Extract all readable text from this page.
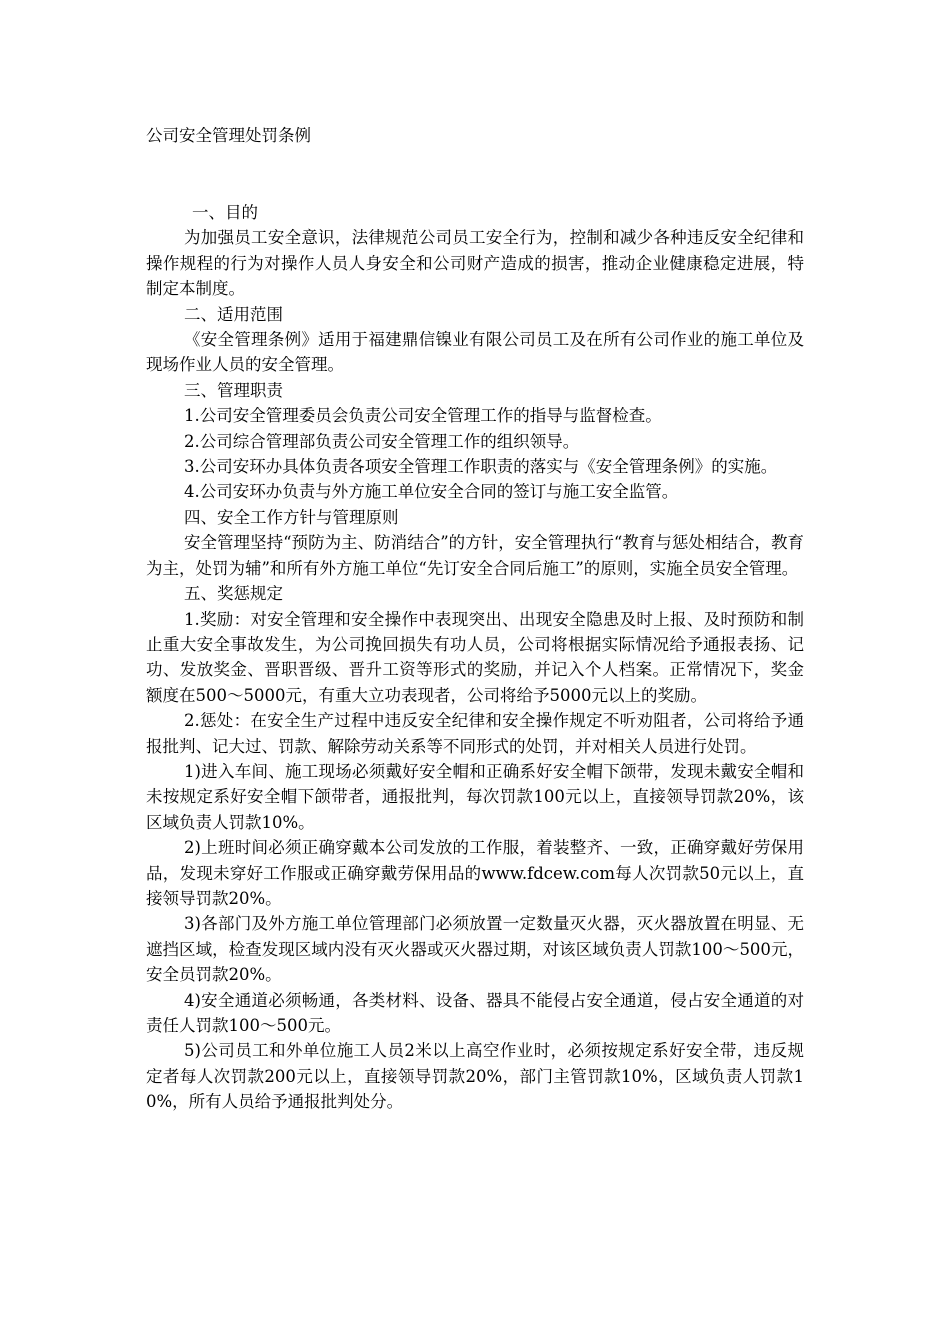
公司安全管理处罚条例

一、目的

为加强员工安全意识，法律规范公司员工安全行为，控制和减少各种违反安全纪律和操作规程的行为对操作人员人身安全和公司财产造成的损害，推动企业健康稳定进展，特制定本制度。

二、适用范围

《安全管理条例》适用于福建鼎信镍业有限公司员工及在所有公司作业的施工单位及现场作业人员的安全管理。

三、管理职责

1.公司安全管理委员会负责公司安全管理工作的指导与监督检查。

2.公司综合管理部负责公司安全管理工作的组织领导。

3.公司安环办具体负责各项安全管理工作职责的落实与《安全管理条例》的实施。

4.公司安环办负责与外方施工单位安全合同的签订与施工安全监管。

四、安全工作方针与管理原则

安全管理坚持“预防为主、防消结合”的方针，安全管理执行“教育与惩处相结合，教育为主，处罚为辅”和所有外方施工单位“先订安全合同后施工”的原则，实施全员安全管理。

五、奖惩规定

1.奖励：对安全管理和安全操作中表现突出、出现安全隐患及时上报、及时预防和制止重大安全事故发生，为公司挽回损失有功人员，公司将根据实际情况给予通报表扬、记功、发放奖金、晋职晋级、晋升工资等形式的奖励，并记入个人档案。正常情况下，奖金额度在500～5000元，有重大立功表现者，公司将给予5000元以上的奖励。

2.惩处：在安全生产过程中违反安全纪律和安全操作规定不听劝阻者，公司将给予通报批判、记大过、罚款、解除劳动关系等不同形式的处罚，并对相关人员进行处罚。

1)进入车间、施工现场必须戴好安全帽和正确系好安全帽下颌带，发现未戴安全帽和未按规定系好安全帽下颌带者，通报批判，每次罚款100元以上，直接领导罚款20%，该区域负责人罚款10%。

2)上班时间必须正确穿戴本公司发放的工作服，着装整齐、一致，正确穿戴好劳保用品，发现未穿好工作服或正确穿戴劳保用品的www.fdcew.com每人次罚款50元以上，直接领导罚款20%。

3)各部门及外方施工单位管理部门必须放置一定数量灭火器，灭火器放置在明显、无遮挡区域，检查发现区域内没有灭火器或灭火器过期，对该区域负责人罚款100～500元，安全员罚款20%。

4)安全通道必须畅通，各类材料、设备、器具不能侵占安全通道，侵占安全通道的对责任人罚款100～500元。

5)公司员工和外单位施工人员2米以上高空作业时，必须按规定系好安全带，违反规定者每人次罚款200元以上，直接领导罚款20%，部门主管罚款10%，区域负责人罚款10%，所有人员给予通报批判处分。
